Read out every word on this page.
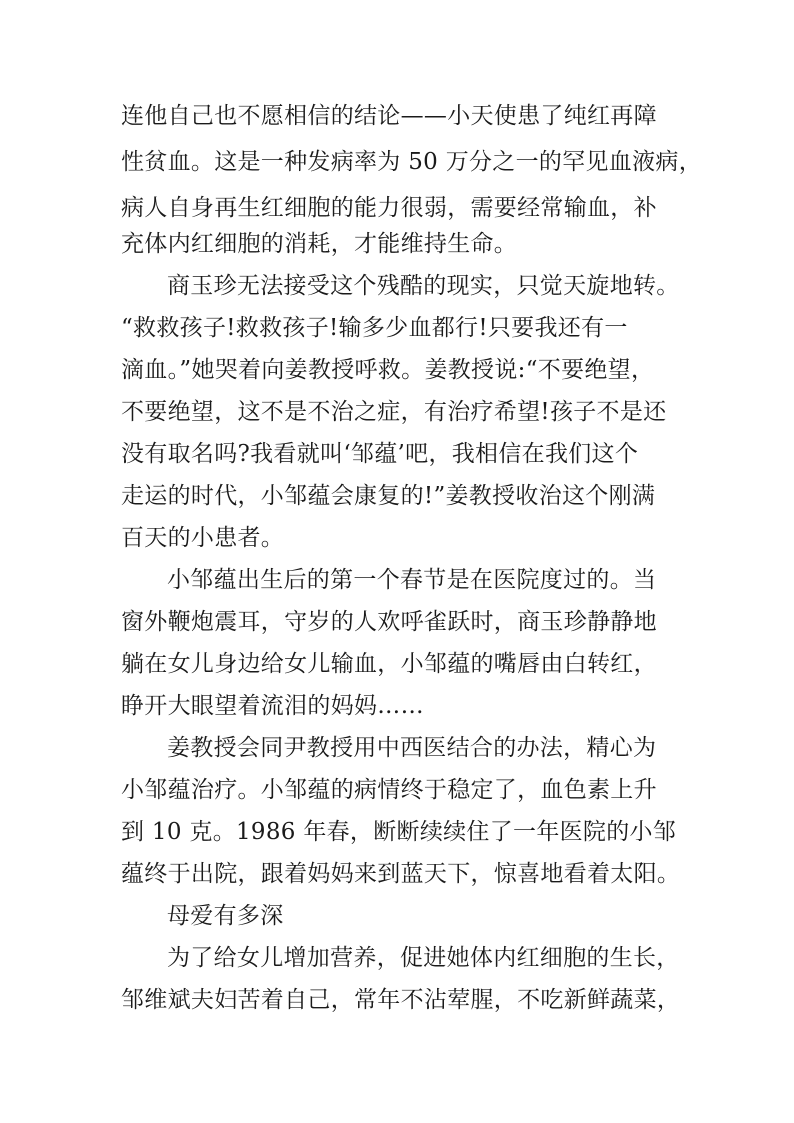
连他自己也不愿相信的结论——小天使患了纯红再障
性贫血。这是一种发病率为 50 万分之一的罕见血液病，
病人自身再生红细胞的能力很弱，需要经常输血，补
充体内红细胞的消耗，才能维持生命。
商玉珍无法接受这个残酷的现实，只觉天旋地转。
“救救孩子!救救孩子!输多少血都行!只要我还有一
滴血。”她哭着向姜教授呼救。姜教授说:“不要绝望，
不要绝望，这不是不治之症，有治疗希望!孩子不是还
没有取名吗?我看就叫‘邹蕴’吧，我相信在我们这个
走运的时代，小邹蕴会康复的!”姜教授收治这个刚满
百天的小患者。
小邹蕴出生后的第一个春节是在医院度过的。当
窗外鞭炮震耳，守岁的人欢呼雀跃时，商玉珍静静地
躺在女儿身边给女儿输血，小邹蕴的嘴唇由白转红，
睁开大眼望着流泪的妈妈……
姜教授会同尹教授用中西医结合的办法，精心为
小邹蕴治疗。小邹蕴的病情终于稳定了，血色素上升
到 10 克。1986 年春，断断续续住了一年医院的小邹
蕴终于出院，跟着妈妈来到蓝天下，惊喜地看着太阳。
母爱有多深
为了给女儿增加营养，促进她体内红细胞的生长，
邹维斌夫妇苦着自己，常年不沾荤腥，不吃新鲜蔬菜，
